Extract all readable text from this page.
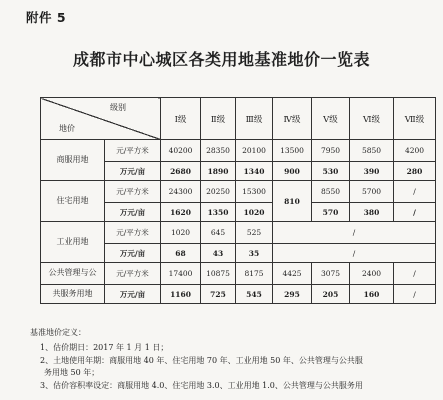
附件 5
成都市中心城区各类用地基准地价一览表
级别
地价		Ⅰ级	Ⅱ级	Ⅲ级	Ⅳ级	Ⅴ级	Ⅵ级	Ⅶ级
商服用地	元/平方米	40200	28350	20100	13500	7950	5850	4200
	万元/亩	2680	1890	1340	900	530	390	280
住宅用地	元/平方米	24300	20250	15300	810	8550	5700	/
	万元/亩	1620	1350	1020		570	380	/
工业用地	元/平方米	1020	645	525	/			
	万元/亩	68	43	35	/			
公共管理与公	元/平方米	17400	10875	8175	4425	3075	2400	/
共服务用地	万元/亩	1160	725	545	295	205	160	/
基准地价定义：
1、估价期日：2017 年 1 月 1 日；
2、土地使用年期：商服用地 40 年、住宅用地 70 年、工业用地 50 年、公共管理与公共服
务用地 50 年；
3、估价容积率设定：商服用地 4.0、住宅用地 3.0、工业用地 1.0、公共管理与公共服务用
